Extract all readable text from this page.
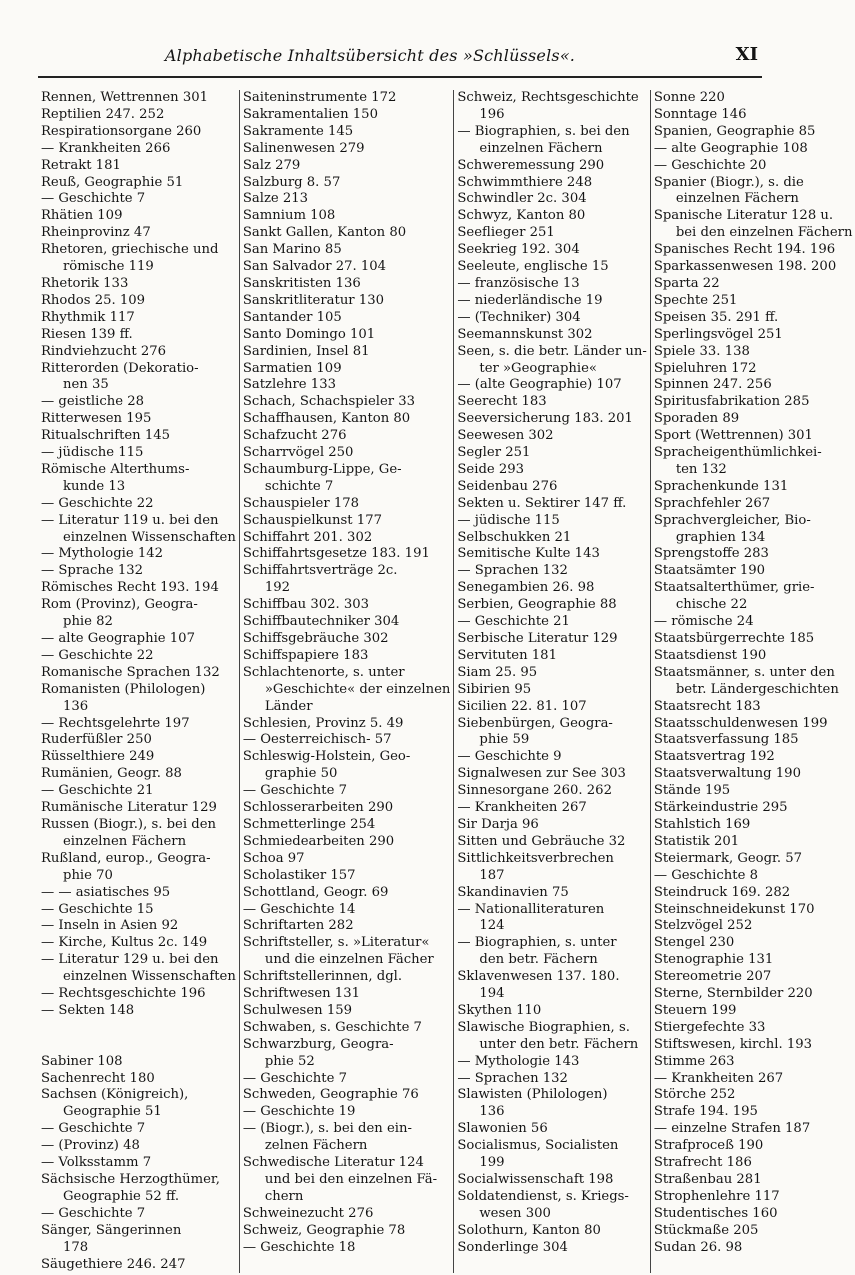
Alphabetische Inhaltsübersicht des »Schlüssels«.	XI
Rennen, Wettrennen 301
Reptilien 247. 252
Respirationsorgane 260
— Krankheiten 266
Retrakt 181
Reuß, Geographie 51
— Geschichte 7
Rhätien 109
Rheinprovinz 47
Rhetoren, griechische und
römische 119
Rhetorik 133
Rhodos 25. 109
Rhythmik 117
Riesen 139 ff.
Rindviehzucht 276
Ritterorden (Dekoratio-
nen 35
— geistliche 28
Ritterwesen 195
Ritualschriften 145
— jüdische 115
Römische Alterthums-
kunde 13
— Geschichte 22
— Literatur 119 u. bei den
einzelnen Wissenschaften
— Mythologie 142
— Sprache 132
Römisches Recht 193. 194
Rom (Provinz), Geogra-
phie 82
— alte Geographie 107
— Geschichte 22
Romanische Sprachen 132
Romanisten (Philologen)
136
— Rechtsgelehrte 197
Ruderfüßler 250
Rüsselthiere 249
Rumänien, Geogr. 88
— Geschichte 21
Rumänische Literatur 129
Russen (Biogr.), s. bei den
einzelnen Fächern
Rußland, europ., Geogra-
phie 70
— — asiatisches 95
— Geschichte 15
— Inseln in Asien 92
— Kirche, Kultus 2c. 149
— Literatur 129 u. bei den
einzelnen Wissenschaften
— Rechtsgeschichte 196
— Sekten 148
Sabiner 108
Sachenrecht 180
Sachsen (Königreich),
Geographie 51
— Geschichte 7
— (Provinz) 48
— Volksstamm 7
Sächsische Herzogthümer,
Geographie 52 ff.
— Geschichte 7
Sänger, Sängerinnen
178
Säugethiere 246. 247
Saiteninstrumente 172
Sakramentalien 150
Sakramente 145
Salinenwesen 279
Salz 279
Salzburg 8. 57
Salze 213
Samnium 108
Sankt Gallen, Kanton 80
San Marino 85
San Salvador 27. 104
Sanskritisten 136
Sanskritliteratur 130
Santander 105
Santo Domingo 101
Sardinien, Insel 81
Sarmatien 109
Satzlehre 133
Schach, Schachspieler 33
Schaffhausen, Kanton 80
Schafzucht 276
Scharrvögel 250
Schaumburg-Lippe, Ge-
schichte 7
Schauspieler 178
Schauspielkunst 177
Schiffahrt 201. 302
Schiffahrtsgesetze 183. 191
Schiffahrtsverträge 2c.
192
Schiffbau 302. 303
Schiffbautechniker 304
Schiffsgebräuche 302
Schiffspapiere 183
Schlachtenorte, s. unter
»Geschichte« der einzelnen
Länder
Schlesien, Provinz 5. 49
— Oesterreichisch- 57
Schleswig-Holstein, Geo-
graphie 50
— Geschichte 7
Schlosserarbeiten 290
Schmetterlinge 254
Schmiedearbeiten 290
Schoa 97
Scholastiker 157
Schottland, Geogr. 69
— Geschichte 14
Schriftarten 282
Schriftsteller, s. »Literatur«
und die einzelnen Fächer
Schriftstellerinnen, dgl.
Schriftwesen 131
Schulwesen 159
Schwaben, s. Geschichte 7
Schwarzburg, Geogra-
phie 52
— Geschichte 7
Schweden, Geographie 76
— Geschichte 19
— (Biogr.), s. bei den ein-
zelnen Fächern
Schwedische Literatur 124
und bei den einzelnen Fä-
chern
Schweinezucht 276
Schweiz, Geographie 78
— Geschichte 18
Schweiz, Rechtsgeschichte
196
— Biographien, s. bei den
einzelnen Fächern
Schweremessung 290
Schwimmthiere 248
Schwindler 2c. 304
Schwyz, Kanton 80
Seeflieger 251
Seekrieg 192. 304
Seeleute, englische 15
— französische 13
— niederländische 19
— (Techniker) 304
Seemannskunst 302
Seen, s. die betr. Länder un-
ter »Geographie«
— (alte Geographie) 107
Seerecht 183
Seeversicherung 183. 201
Seewesen 302
Segler 251
Seide 293
Seidenbau 276
Sekten u. Sektirer 147 ff.
— jüdische 115
Selbschukken 21
Semitische Kulte 143
— Sprachen 132
Senegambien 26. 98
Serbien, Geographie 88
— Geschichte 21
Serbische Literatur 129
Servituten 181
Siam 25. 95
Sibirien 95
Sicilien 22. 81. 107
Siebenbürgen, Geogra-
phie 59
— Geschichte 9
Signalwesen zur See 303
Sinnesorgane 260. 262
— Krankheiten 267
Sir Darja 96
Sitten und Gebräuche 32
Sittlichkeitsverbrechen
187
Skandinavien 75
— Nationalliteraturen
124
— Biographien, s. unter
den betr. Fächern
Sklavenwesen 137. 180.
194
Skythen 110
Slawische Biographien, s.
unter den betr. Fächern
— Mythologie 143
— Sprachen 132
Slawisten (Philologen)
136
Slawonien 56
Socialismus, Socialisten
199
Socialwissenschaft 198
Soldatendienst, s. Kriegs-
wesen 300
Solothurn, Kanton 80
Sonderlinge 304
Sonne 220
Sonntage 146
Spanien, Geographie 85
— alte Geographie 108
— Geschichte 20
Spanier (Biogr.), s. die
einzelnen Fächern
Spanische Literatur 128 u.
bei den einzelnen Fächern
Spanisches Recht 194. 196
Sparkassenwesen 198. 200
Sparta 22
Spechte 251
Speisen 35. 291 ff.
Sperlingsvögel 251
Spiele 33. 138
Spieluhren 172
Spinnen 247. 256
Spiritusfabrikation 285
Sporaden 89
Sport (Wettrennen) 301
Spracheigenthümlichkei-
ten 132
Sprachenkunde 131
Sprachfehler 267
Sprachvergleicher, Bio-
graphien 134
Sprengstoffe 283
Staatsämter 190
Staatsalterthümer, grie-
chische 22
— römische 24
Staatsbürgerrechte 185
Staatsdienst 190
Staatsmänner, s. unter den
betr. Ländergeschichten
Staatsrecht 183
Staatsschuldenwesen 199
Staatsverfassung 185
Staatsvertrag 192
Staatsverwaltung 190
Stände 195
Stärkeindustrie 295
Stahlstich 169
Statistik 201
Steiermark, Geogr. 57
— Geschichte 8
Steindruck 169. 282
Steinschneidekunst 170
Stelzvögel 252
Stengel 230
Stenographie 131
Stereometrie 207
Sterne, Sternbilder 220
Steuern 199
Stiergefechte 33
Stiftswesen, kirchl. 193
Stimme 263
— Krankheiten 267
Störche 252
Strafe 194. 195
— einzelne Strafen 187
Strafproceß 190
Strafrecht 186
Straßenbau 281
Strophenlehre 117
Studentisches 160
Stückmaße 205
Sudan 26. 98
